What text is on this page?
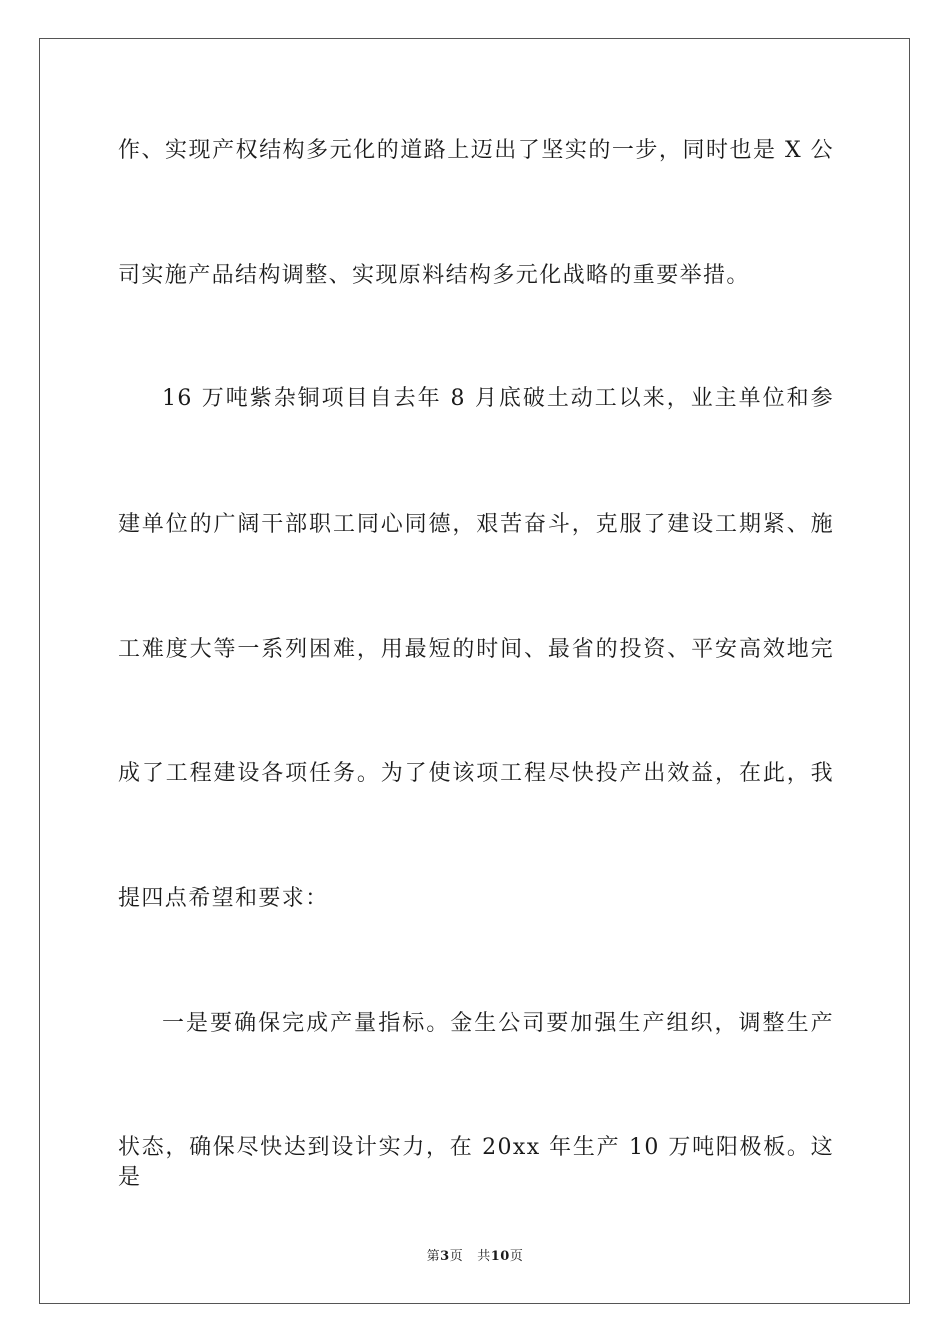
作、实现产权结构多元化的道路上迈出了坚实的一步，同时也是 X 公
司实施产品结构调整、实现原料结构多元化战略的重要举措。
16 万吨紫杂铜项目自去年 8 月底破土动工以来，业主单位和参
建单位的广阔干部职工同心同德，艰苦奋斗，克服了建设工期紧、施
工难度大等一系列困难，用最短的时间、最省的投资、平安高效地完
成了工程建设各项任务。为了使该项工程尽快投产出效益，在此，我
提四点希望和要求：
一是要确保完成产量指标。金生公司要加强生产组织，调整生产
状态，确保尽快达到设计实力，在 20xx 年生产 10 万吨阳极板。这是
第3页 共10页
